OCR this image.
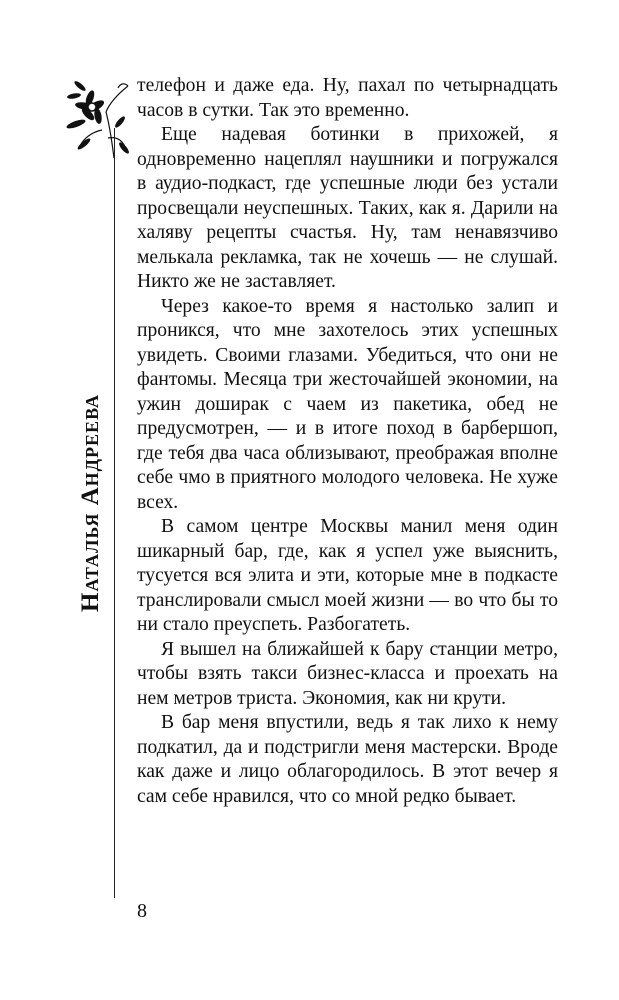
Наталья Андреева

телефон и даже еда. Ну, пахал по четырнадцать часов в сутки. Так это временно.

Еще надевая ботинки в прихожей, я одновременно нацеплял наушники и погружался в аудио-подкаст, где успешные люди без устали просвещали неуспешных. Таких, как я. Дарили на халяву рецепты счастья. Ну, там ненавязчиво мелькала рекламка, так не хочешь — не слушай. Никто же не заставляет.

Через какое-то время я настолько залип и проникся, что мне захотелось этих успешных увидеть. Своими глазами. Убедиться, что они не фантомы. Месяца три жесточайшей экономии, на ужин доширак с чаем из пакетика, обед не предусмотрен, — и в итоге поход в барбершоп, где тебя два часа облизывают, преображая вполне себе чмо в приятного молодого человека. Не хуже всех.

В самом центре Москвы манил меня один шикарный бар, где, как я успел уже выяснить, тусуется вся элита и эти, которые мне в подкасте транслировали смысл моей жизни — во что бы то ни стало преуспеть. Разбогатеть.

Я вышел на ближайшей к бару станции метро, чтобы взять такси бизнес-класса и проехать на нем метров триста. Экономия, как ни крути.

В бар меня впустили, ведь я так лихо к нему подкатил, да и подстригли меня мастерски. Вроде как даже и лицо облагородилось. В этот вечер я сам себе нравился, что со мной редко бывает.

8
